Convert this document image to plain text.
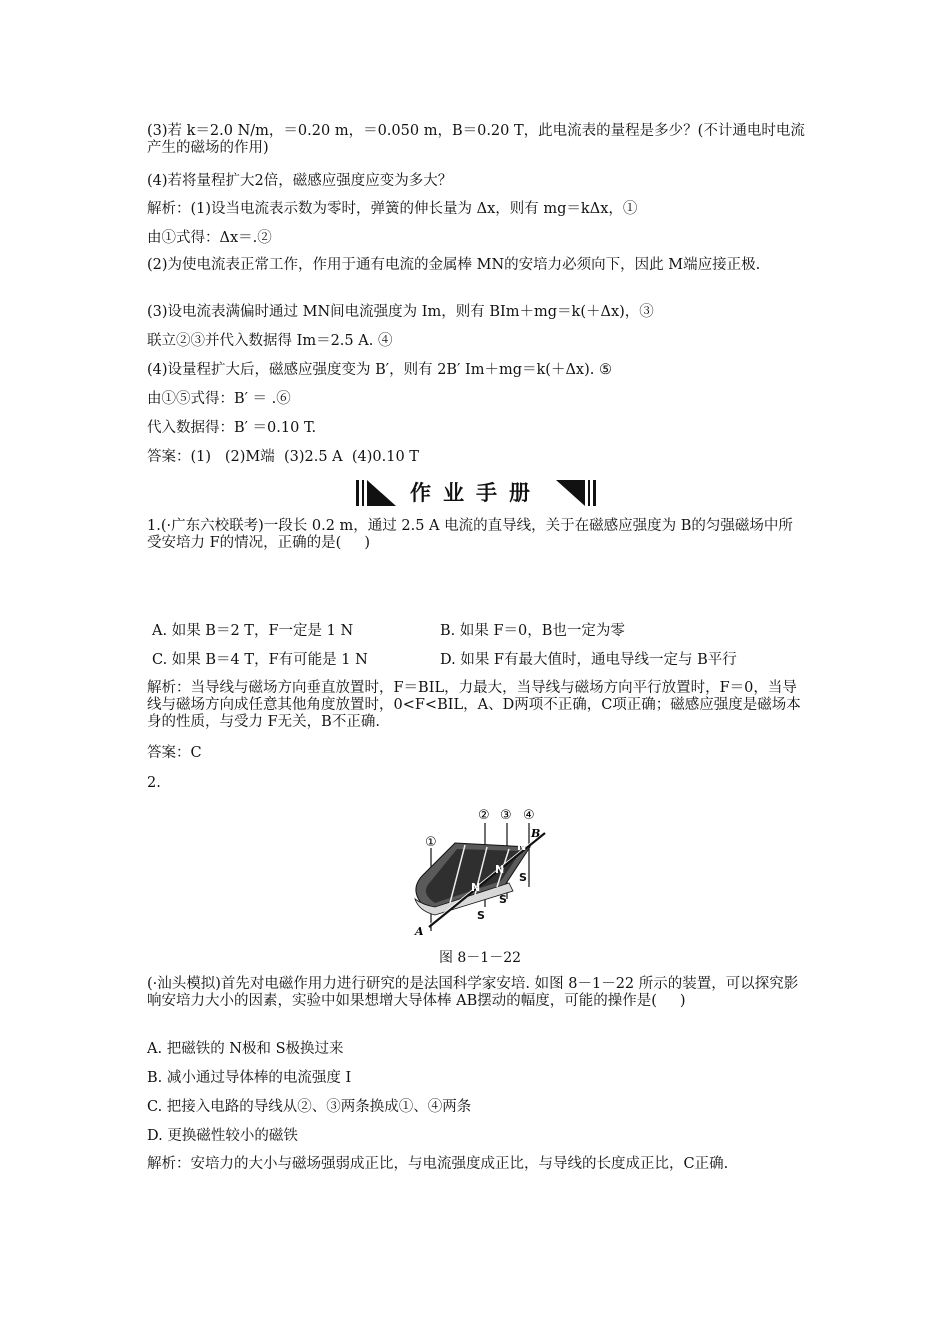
(3)若 k＝2.0 N/m，＝0.20 m，＝0.050 m，B＝0.20 T，此电流表的量程是多少？(不计通电时电流产生的磁场的作用)
(4)若将量程扩大2倍，磁感应强度应变为多大？
解析：(1)设当电流表示数为零时，弹簧的伸长量为 Δx，则有 mg＝kΔx，①
由①式得：Δx＝.②
(2)为使电流表正常工作，作用于通有电流的金属棒 MN的安培力必须向下，因此 M端应接正极.
(3)设电流表满偏时通过 MN间电流强度为 Im，则有 BIm＋mg＝k(＋Δx)，③
联立②③并代入数据得 Im＝2.5 A. ④
(4)设量程扩大后，磁感应强度变为 B′，则有 2B′ Im＋mg＝k(＋Δx). ⑤
由①⑤式得：B′ ＝ .⑥
代入数据得：B′ ＝0.10 T.
答案：(1)   (2)M端  (3)2.5 A  (4)0.10 T
作业手册
1.(·广东六校联考)一段长 0.2 m，通过 2.5 A 电流的直导线，关于在磁感应强度为 B的匀强磁场中所受安培力 F的情况，正确的是(     )
A. 如果 B＝2 T，F一定是 1 N	B. 如果 F＝0，B也一定为零
C. 如果 B＝4 T，F有可能是 1 N	D. 如果 F有最大值时，通电导线一定与 B平行
解析：当导线与磁场方向垂直放置时，F＝BIL，力最大，当导线与磁场方向平行放置时，F＝0，当导线与磁场方向成任意其他角度放置时，0<F<BIL，A、D两项不正确，C项正确；磁感应强度是磁场本身的性质，与受力 F无关，B不正确.
答案：C
2.
N
N
N
S
S
S
①
② ③ ④
A
B
图 8－1－22
(·汕头模拟)首先对电磁作用力进行研究的是法国科学家安培. 如图 8－1－22 所示的装置，可以探究影响安培力大小的因素，实验中如果想增大导体棒 AB摆动的幅度，可能的操作是(     )
A. 把磁铁的 N极和 S极换过来
B. 减小通过导体棒的电流强度 I
C. 把接入电路的导线从②、③两条换成①、④两条
D. 更换磁性较小的磁铁
解析：安培力的大小与磁场强弱成正比，与电流强度成正比，与导线的长度成正比，C正确.
